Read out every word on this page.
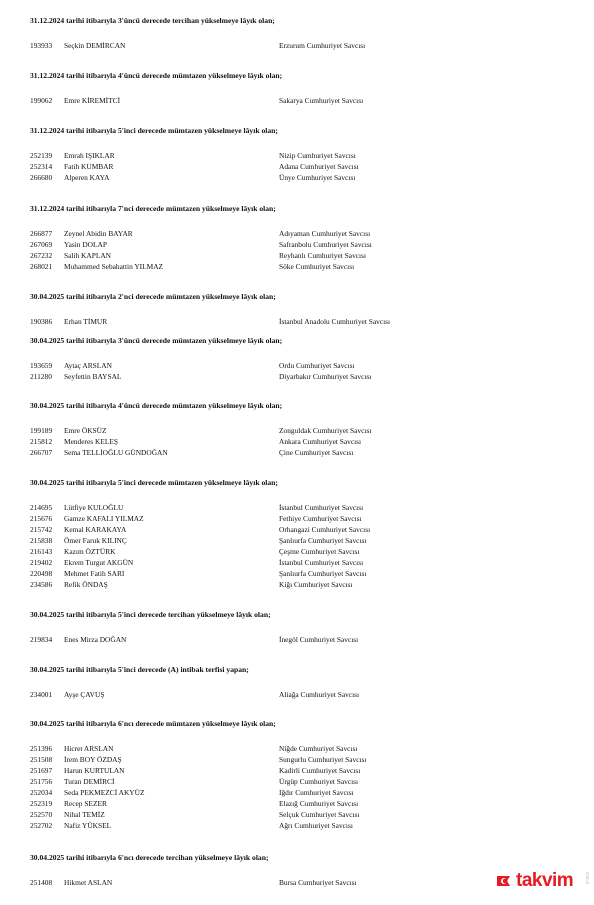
31.12.2024 tarihi itibarıyla 3'üncü derecede tercihan yükselmeye lâyık olan;
193933 Seçkin DEMİRCAN	Erzurum Cumhuriyet Savcısı
31.12.2024 tarihi itibarıyla 4'üncü derecede mümtazen yükselmeye lâyık olan;
199062 Emre KİREMİTCİ	Sakarya Cumhuriyet Savcısı
31.12.2024 tarihi itibarıyla 5'inci derecede mümtazen yükselmeye lâyık olan;
252139 Emrah IŞIKLAR	Nizip Cumhuriyet Savcısı
252314 Fatih KUMBAR	Adana Cumhuriyet Savcısı
266680 Alperen KAYA	Ünye Cumhuriyet Savcısı
31.12.2024 tarihi itibarıyla 7'nci derecede mümtazen yükselmeye lâyık olan;
266877 Zeynel Abidin BAYAR	Adıyaman Cumhuriyet Savcısı
267069 Yasin DOLAP	Safranbolu Cumhuriyet Savcısı
267232 Salih KAPLAN	Reyhanlı Cumhuriyet Savcısı
268021 Muhammed Sebahattin YILMAZ	Söke Cumhuriyet Savcısı
30.04.2025 tarihi itibarıyla 2'nci derecede mümtazen yükselmeye lâyık olan;
190386 Erhan TİMUR	İstanbul Anadolu Cumhuriyet Savcısı
30.04.2025 tarihi itibarıyla 3'üncü derecede mümtazen yükselmeye lâyık olan;
193659 Aytaç ARSLAN	Ordu Cumhuriyet Savcısı
211280 Seyfettin BAYSAL	Diyarbakır Cumhuriyet Savcısı
30.04.2025 tarihi itibarıyla 4'üncü derecede mümtazen yükselmeye lâyık olan;
199189 Emre ÖKSÜZ	Zonguldak Cumhuriyet Savcısı
215812 Menderes KELEŞ	Ankara Cumhuriyet Savcısı
266707 Sema TELLİOĞLU GÜNDOĞAN	Çine Cumhuriyet Savcısı
30.04.2025 tarihi itibarıyla 5'inci derecede mümtazen yükselmeye lâyık olan;
214695 Lütfiye KULOĞLU	İstanbul Cumhuriyet Savcısı
215676 Gamze KAFALI YILMAZ	Fethiye Cumhuriyet Savcısı
215742 Kemal KARAKAYA	Orhangazi Cumhuriyet Savcısı
215838 Ömer Faruk KILINÇ	Şanlıurfa Cumhuriyet Savcısı
216143 Kazım ÖZTÜRK	Çeşme Cumhuriyet Savcısı
219402 Ekrem Turgut AKGÜN	İstanbul Cumhuriyet Savcısı
220498 Mehmet Fatih SARI	Şanlıurfa Cumhuriyet Savcısı
234586 Refik ÖNDAŞ	Kiğı Cumhuriyet Savcısı
30.04.2025 tarihi itibarıyla 5'inci derecede tercihan yükselmeye lâyık olan;
219834 Enes Mirza DOĞAN	İnegöl Cumhuriyet Savcısı
30.04.2025 tarihi itibarıyla 5'inci derecede (A) intibak terfisi yapan;
234001 Ayşe ÇAVUŞ	Aliağa Cumhuriyet Savcısı
30.04.2025 tarihi itibarıyla 6'ncı derecede mümtazen yükselmeye lâyık olan;
251396 Hicret ARSLAN	Niğde Cumhuriyet Savcısı
251508 İrem BOY ÖZDAŞ	Sungurlu Cumhuriyet Savcısı
251697 Harun KURTULAN	Kadirli Cumhuriyet Savcısı
251756 Turan DEMİRCİ	Ürgüp Cumhuriyet Savcısı
252034 Seda PEKMEZCİ AKYÜZ	Iğdır Cumhuriyet Savcısı
252319 Recep SEZER	Elazığ Cumhuriyet Savcısı
252570 Nihal TEMİZ	Selçuk Cumhuriyet Savcısı
252702 Nafiz YÜKSEL	Ağrı Cumhuriyet Savcısı
30.04.2025 tarihi itibarıyla 6'ncı derecede tercihan yükselmeye lâyık olan;
251408 Hikmet ASLAN	Bursa Cumhuriyet Savcısı	takvim	com.tr
